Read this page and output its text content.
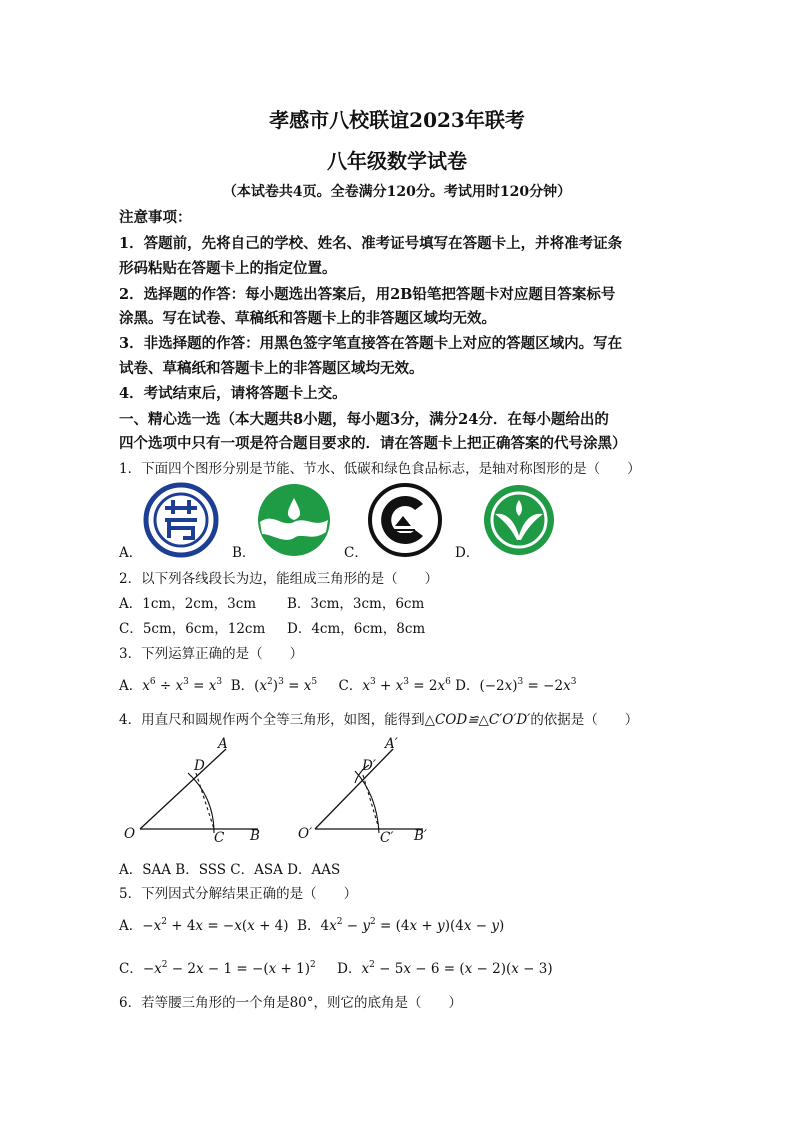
孝感市八校联谊2023年联考
八年级数学试卷
（本试卷共4页。全卷满分120分。考试用时120分钟）
注意事项：
1．答题前，先将自己的学校、姓名、准考证号填写在答题卡上，并将准考证条
形码粘贴在答题卡上的指定位置。
2．选择题的作答：每小题选出答案后，用2B铅笔把答题卡对应题目答案标号
涂黑。写在试卷、草稿纸和答题卡上的非答题区域均无效。
3．非选择题的作答：用黑色签字笔直接答在答题卡上对应的答题区域内。写在
试卷、草稿纸和答题卡上的非答题区域均无效。
4．考试结束后，请将答题卡上交。
一、精心选一选（本大题共8小题，每小题3分，满分24分．在每小题给出的
四个选项中只有一项是符合题目要求的．请在答题卡上把正确答案的代号涂黑）
1．下面四个图形分别是节能、节水、低碳和绿色食品标志，是轴对称图形的是（　　）
A．	B．	C．	D．
2．以下列各线段长为边，能组成三角形的是（　　）
A．1cm，2cm，3cm B．3cm，3cm，6cm
C．5cm，6cm，12cm D．4cm，6cm，8cm
3．下列运算正确的是（　　）
A．$x^6 \div x^3 = x^3$  B．$(x^2)^3 = x^5$     C．$x^3 + x^3 = 2x^6$ D．$(-2x)^3 = -2x^3$
4．用直尺和圆规作两个全等三角形，如图，能得到△COD≌△C′O′D′的依据是（　　）
A
D
O	C B
A′
D′
O′	C′ B′
A．SAA B．SSS C．ASA D．AAS
5．下列因式分解结果正确的是（　　）
A．$-x^2 + 4x = -x(x + 4)$  B．$4x^2 - y^2 = (4x + y)(4x - y)$
C．$-x^2 - 2x - 1 = -(x + 1)^2$     D．$x^2 - 5x - 6 = (x - 2)(x - 3)$
6．若等腰三角形的一个角是80°，则它的底角是（　　）
